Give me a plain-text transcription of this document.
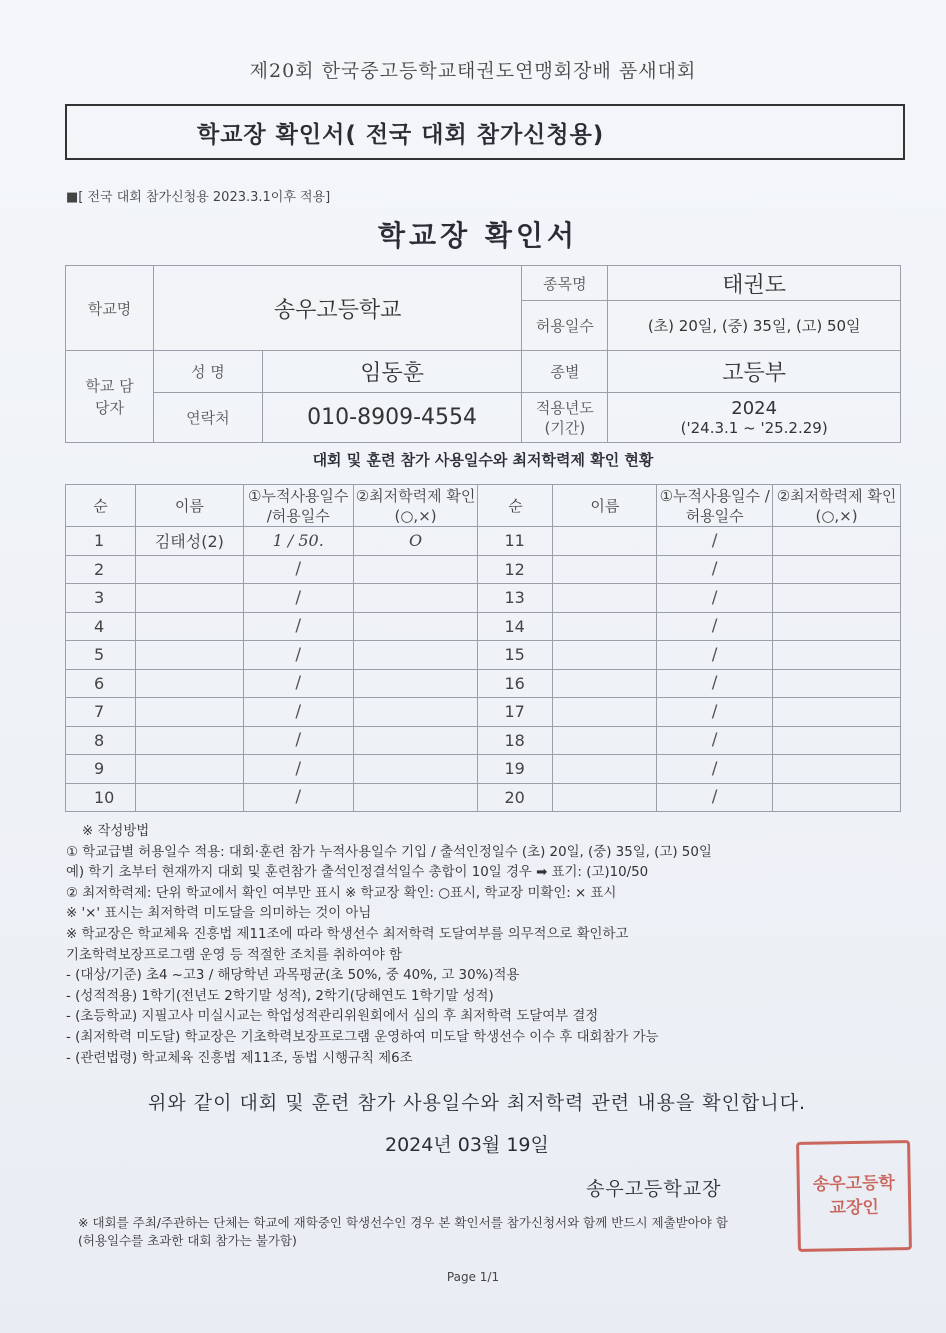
제20회 한국중고등학교태권도연맹회장배 품새대회
학교장 확인서( 전국 대회 참가신청용)
■[ 전국 대회 참가신청용 2023.3.1이후 적용]
학교장 확인서
학교명	송우고등학교		종목명	태권도
			허용일수	(초) 20일, (중) 35일, (고) 50일
학교 담당자	성 명	임동훈	종별	고등부
	연락처	010-8909-4554	적용년도 (기간)	2024
('24.3.1 ~ '25.2.29)
대회 및 훈련 참가 사용일수와 최저학력제 확인 현황
순	이름	①누적사용일수 /허용일수	②최저학력제 확인(○,×)	순	이름	①누적사용일수 /허용일수	②최저학력제 확인(○,×)
1	김태성(2)	1 / 50.	O	11		/	
2		/		12		/	
3		/		13		/	
4		/		14		/	
5		/		15		/	
6		/		16		/	
7		/		17		/	
8		/		18		/	
9		/		19		/	
10		/		20		/	
※ 작성방법
① 학교급별 허용일수 적용: 대회·훈련 참가 누적사용일수 기입 / 출석인정일수 (초) 20일, (중) 35일, (고) 50일
예) 학기 초부터 현재까지 대회 및 훈련참가 출석인정결석일수 총합이 10일 경우 ➡ 표기: (고)10/50
② 최저학력제: 단위 학교에서 확인 여부만 표시 ※ 학교장 확인: ○표시, 학교장 미확인: × 표시
※ '×' 표시는 최저학력 미도달을 의미하는 것이 아님
※ 학교장은 학교체육 진흥법 제11조에 따라 학생선수 최저학력 도달여부를 의무적으로 확인하고
기초학력보장프로그램 운영 등 적절한 조치를 취하여야 함
- (대상/기준) 초4 ~고3 / 해당학년 과목평균(초 50%, 중 40%, 고 30%)적용
- (성적적용) 1학기(전년도 2학기말 성적), 2학기(당해연도 1학기말 성적)
- (초등학교) 지필고사 미실시교는 학업성적관리위원회에서 심의 후 최저학력 도달여부 결정
- (최저학력 미도달) 학교장은 기초학력보장프로그램 운영하여 미도달 학생선수 이수 후 대회참가 가능
- (관련법령) 학교체육 진흥법 제11조, 동법 시행규칙 제6조
위와 같이 대회 및 훈련 참가 사용일수와 최저학력 관련 내용을 확인합니다.
2024년 03월 19일
송우고등학교장	송우고등학교장인
※ 대회를 주최/주관하는 단체는 학교에 재학중인 학생선수인 경우 본 확인서를 참가신청서와 함께 반드시 제출받아야 함
(허용일수를 초과한 대회 참가는 불가함)
Page 1/1
